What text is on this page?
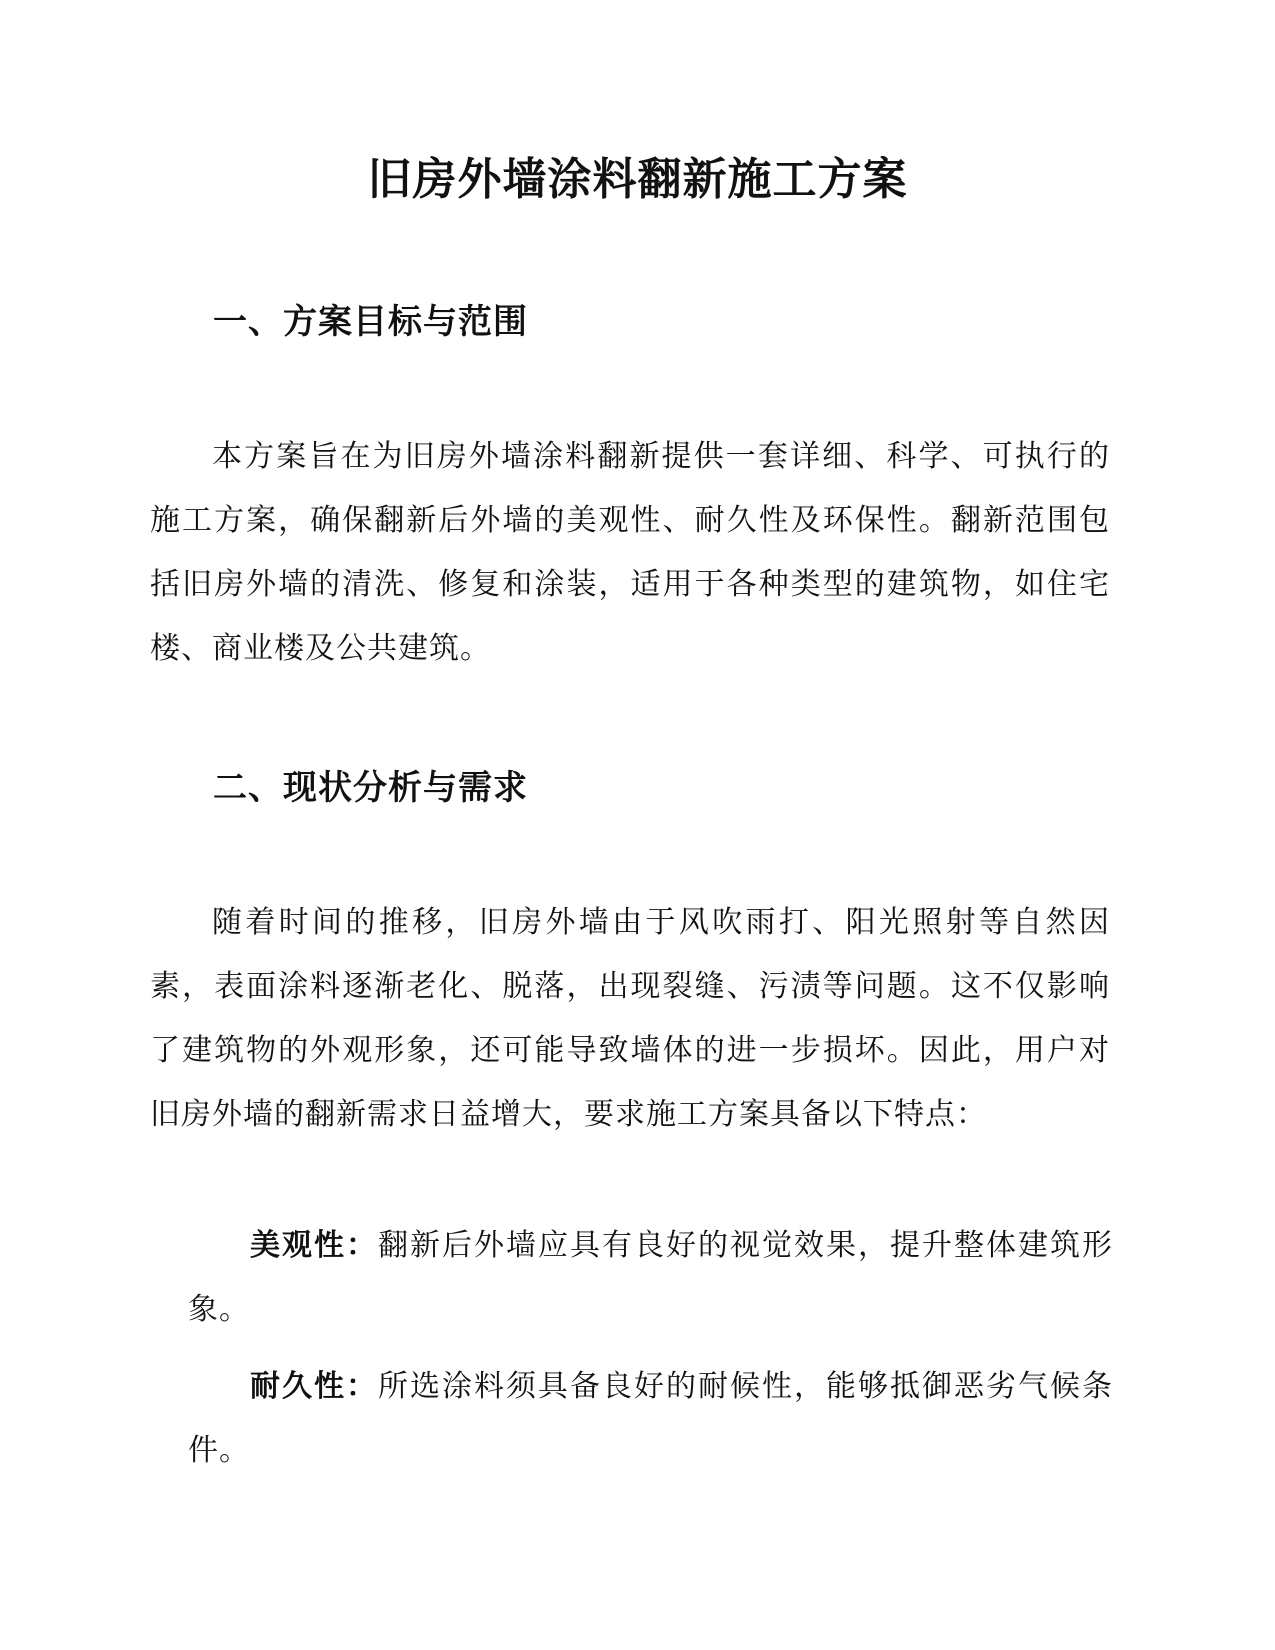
旧房外墙涂料翻新施工方案
一、方案目标与范围

本方案旨在为旧房外墙涂料翻新提供一套详细、科学、可执行的施工方案，确保翻新后外墙的美观性、耐久性及环保性。翻新范围包括旧房外墙的清洗、修复和涂装，适用于各种类型的建筑物，如住宅楼、商业楼及公共建筑。

二、现状分析与需求

随着时间的推移，旧房外墙由于风吹雨打、阳光照射等自然因素，表面涂料逐渐老化、脱落，出现裂缝、污渍等问题。这不仅影响了建筑物的外观形象，还可能导致墙体的进一步损坏。因此，用户对旧房外墙的翻新需求日益增大，要求施工方案具备以下特点：

美观性：翻新后外墙应具有良好的视觉效果，提升整体建筑形象。

耐久性：所选涂料须具备良好的耐候性，能够抵御恶劣气候条件。
